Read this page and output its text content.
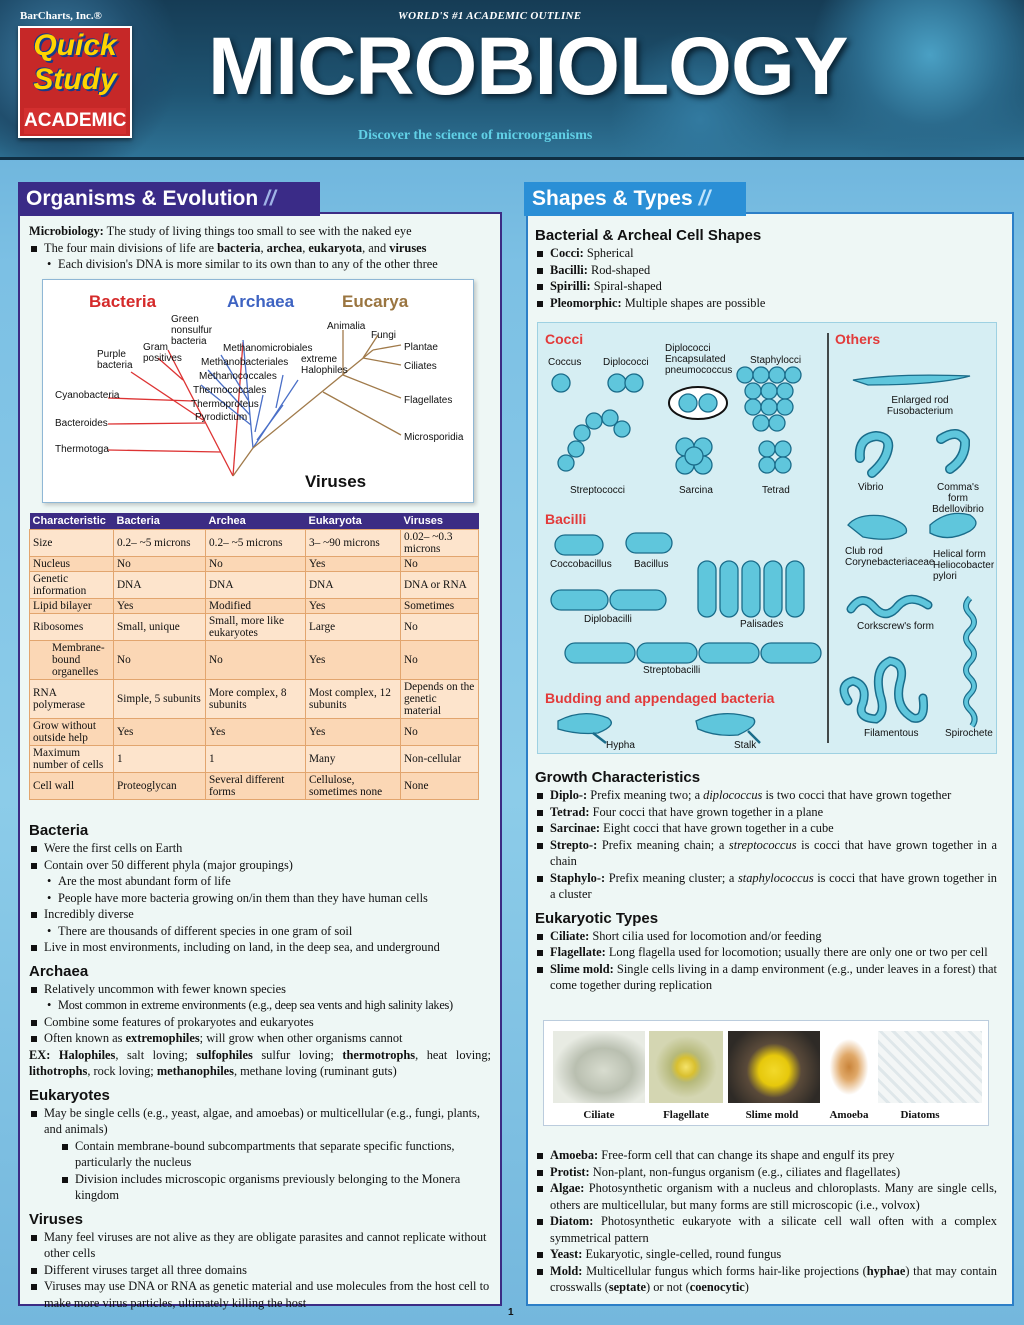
BarCharts, Inc.®
Quick
Study
ACADEMIC
WORLD'S #1 ACADEMIC OUTLINE
MICROBIOLOGY
Discover the science of microorganisms
Organisms & Evolution //

Microbiology: The study of living things too small to see with the naked eye

The four main divisions of life are bacteria, archea, eukaryota, and viruses
• Each division's DNA is more similar to its own than to any of the other three
Bacteria	Archaea	Eucarya
Viruses
Green nonsulfur bacteria
Gram positives
Purple bacteria
Cyanobacteria
Bacteroides
Thermotoga
Methanomicrobiales
Methanobacteriales
Methanococcales
Thermococcales
Thermoproteus
Pyrodictium
extreme Halophiles
Animalia
Fungi
Plantae
Ciliates
Flagellates
Microsporidia
Characteristic	Bacteria	Archea	Eukaryota	Viruses
Size	0.2– ~5 microns	0.2– ~5 microns	3– ~90 microns	0.02– ~0.3 microns
Nucleus	No	No	Yes	No
Genetic information	DNA	DNA	DNA	DNA or RNA
Lipid bilayer	Yes	Modified	Yes	Sometimes
Ribosomes	Small, unique	Small, more like eukaryotes	Large	No
Membrane-bound organelles	No	No	Yes	No
RNA polymerase	Simple, 5 subunits	More complex, 8 subunits	Most complex, 12 subunits	Depends on the genetic material
Grow without outside help	Yes	Yes	Yes	No
Maximum number of cells	1	1	Many	Non-cellular
Cell wall	Proteoglycan	Several different forms	Cellulose, sometimes none	None
Bacteria
Were the first cells on Earth
Contain over 50 different phyla (major groupings)
• Are the most abundant form of life
• People have more bacteria growing on/in them than they have human cells
Incredibly diverse
• There are thousands of different species in one gram of soil
Live in most environments, including on land, in the deep sea, and underground
Archaea
Relatively uncommon with fewer known species
• Most common in extreme environments (e.g., deep sea vents and high salinity lakes)
Combine some features of prokaryotes and eukaryotes
Often known as extremophiles; will grow when other organisms cannot

EX: Halophiles, salt loving; sulfophiles sulfur loving; thermotrophs, heat loving; lithotrophs, rock loving; methanophiles, methane loving (ruminant guts)

Eukaryotes
May be single cells (e.g., yeast, algae, and amoebas) or multicellular (e.g., fungi, plants, and animals)
Contain membrane-bound subcompartments that separate specific functions, particularly the nucleus
Division includes microscopic organisms previously belonging to the Monera kingdom
Viruses
Many feel viruses are not alive as they are obligate parasites and cannot replicate without other cells
Different viruses target all three domains
Viruses may use DNA or RNA as genetic material and use molecules from the host cell to make more virus particles, ultimately killing the host
Shapes & Types //
Bacterial & Archeal Cell Shapes
Cocci: Spherical
Bacilli: Rod-shaped
Spirilli: Spiral-shaped
Pleomorphic: Multiple shapes are possible
Cocci	Others
Bacilli
Budding and appendaged bacteria
Coccus Diplococci
Diplococci Encapsulated pneumococcus
Staphylocci
Streptococci	Sarcina	Tetrad
Coccobacillus Bacillus
Diplobacilli	Palisades
Streptobacilli
Hypha	Stalk
Enlarged rod Fusobacterium
Vibrio	Comma's form Bdellovibrio
Club rod Corynebacteriaceae
Helical form Heliocobacter pylori
Corkscrew's form
Filamentous	Spirochete
Growth Characteristics
Diplo-: Prefix meaning two; a diplococcus is two cocci that have grown together
Tetrad: Four cocci that have grown together in a plane
Sarcinae: Eight cocci that have grown together in a cube
Strepto-: Prefix meaning chain; a streptococcus is cocci that have grown together in a chain
Staphylo-: Prefix meaning cluster; a staphylococcus is cocci that have grown together in a cluster
Eukaryotic Types
Ciliate: Short cilia used for locomotion and/or feeding
Flagellate: Long flagella used for locomotion; usually there are only one or two per cell
Slime mold: Single cells living in a damp environment (e.g., under leaves in a forest) that come together during replication
Ciliate	Flagellate	Slime mold	Amoeba	Diatoms
Amoeba: Free-form cell that can change its shape and engulf its prey
Protist: Non-plant, non-fungus organism (e.g., ciliates and flagellates)
Algae: Photosynthetic organism with a nucleus and chloroplasts. Many are single cells, others are multicellular, but many forms are still microscopic (i.e., volvox)
Diatom: Photosynthetic eukaryote with a silicate cell wall often with a complex symmetrical pattern
Yeast: Eukaryotic, single-celled, round fungus
Mold: Multicellular fungus which forms hair-like projections (hyphae) that may contain crosswalls (septate) or not (coenocytic)
1
